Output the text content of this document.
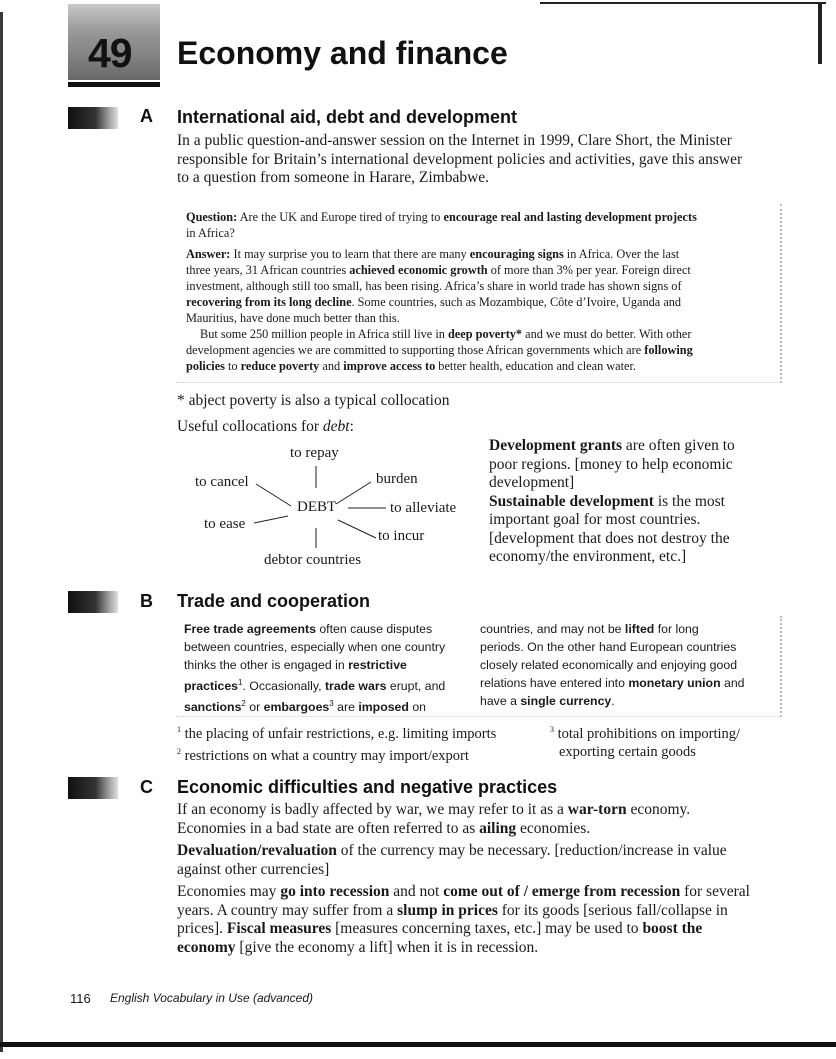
49 Economy and finance
A International aid, debt and development
In a public question-and-answer session on the Internet in 1999, Clare Short, the Minister
responsible for Britain’s international development policies and activities, gave this answer
to a question from someone in Harare, Zimbabwe.
Question: Are the UK and Europe tired of trying to encourage real and lasting development projects
in Africa?
Answer: It may surprise you to learn that there are many encouraging signs in Africa. Over the last
three years, 31 African countries achieved economic growth of more than 3% per year. Foreign direct
investment, although still too small, has been rising. Africa’s share in world trade has shown signs of
recovering from its long decline. Some countries, such as Mozambique, Côte d’Ivoire, Uganda and
Mauritius, have done much better than this.
But some 250 million people in Africa still live in deep poverty* and we must do better. With other
development agencies we are committed to supporting those African governments which are following
policies to reduce poverty and improve access to better health, education and clean water.
* abject poverty is also a typical collocation
Useful collocations for debt:
to repay
to cancel	burden
DEBT	to alleviate
to ease
to incur
debtor countries
Development grants are often given to
poor regions. [money to help economic
development]
Sustainable development is the most
important goal for most countries.
[development that does not destroy the
economy/the environment, etc.]
B Trade and cooperation
Free trade agreements often cause disputes
between countries, especially when one country
thinks the other is engaged in restrictive
practices$^1$. Occasionally, trade wars erupt, and
sanctions$^2$ or embargoes$^3$ are imposed on
countries, and may not be lifted for long
periods. On the other hand European countries
closely related economically and enjoying good
relations have entered into monetary union and
have a single currency.
$^1$ the placing of unfair restrictions, e.g. limiting imports
$^2$ restrictions on what a country may import/export
$^3$ total prohibitions on importing/
exporting certain goods
C Economic difficulties and negative practices
If an economy is badly affected by war, we may refer to it as a war-torn economy.
Economies in a bad state are often referred to as ailing economies.
Devaluation/revaluation of the currency may be necessary. [reduction/increase in value
against other currencies]
Economies may go into recession and not come out of / emerge from recession for several
years. A country may suffer from a slump in prices for its goods [serious fall/collapse in
prices]. Fiscal measures [measures concerning taxes, etc.] may be used to boost the
economy [give the economy a lift] when it is in recession.
116 English Vocabulary in Use (advanced)
